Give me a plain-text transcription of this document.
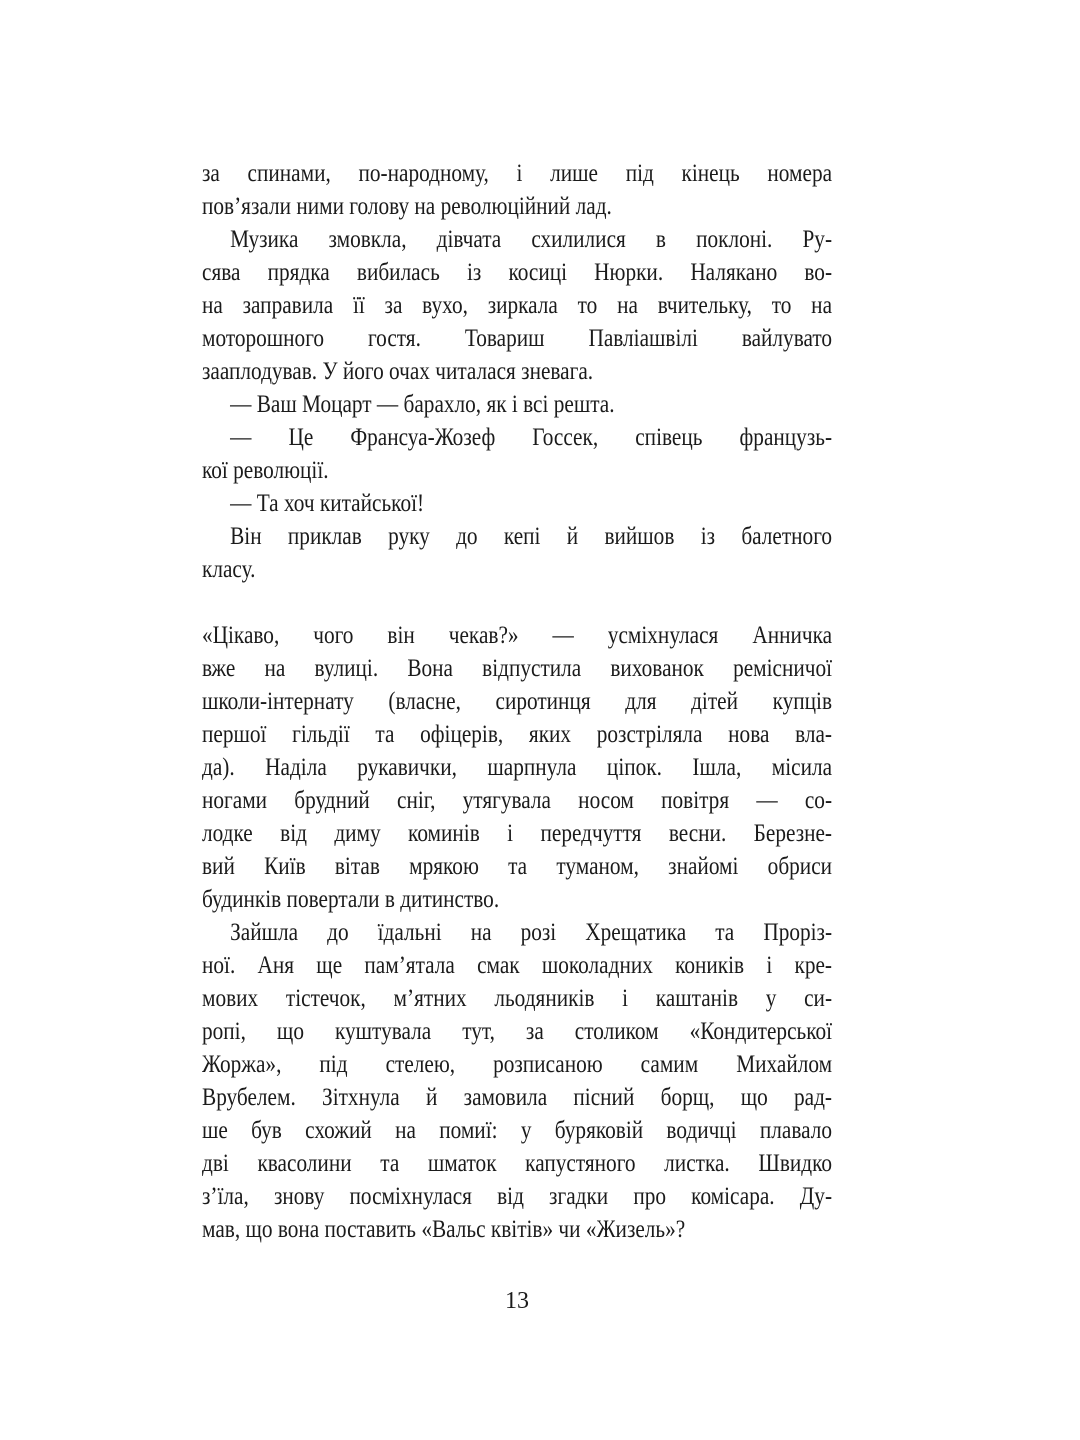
за спинами, по-народному, і лише під кінець номера
пов’язали ними голову на революційний лад.
Музика змовкла, дівчата схилилися в поклоні. Ру-
сява прядка вибилась із косиці Нюрки. Налякано во-
на заправила її за вухо, зиркала то на вчительку, то на
моторошного гостя. Товариш Павліашвілі вайлувато
зааплодував. У його очах читалася зневага.
— Ваш Моцарт — барахло, як і всі решта.
— Це Франсуа-Жозеф Госсек, співець французь-
кої революції.
— Та хоч китайської!
Він приклав руку до кепі й вийшов із балетного
класу.
«Цікаво, чого він чекав?» — усміхнулася Анничка
вже на вулиці. Вона відпустила вихованок ремісничої
школи-інтернату (власне, сиротинця для дітей купців
першої гільдії та офіцерів, яких розстріляла нова вла-
да). Наділа рукавички, шарпнула ціпок. Ішла, місила
ногами брудний сніг, утягувала носом повітря — со-
лодке від диму коминів і передчуття весни. Березне-
вий Київ вітав мрякою та туманом, знайомі обриси
будинків повертали в дитинство.
Зайшла до їдальні на розі Хрещатика та Проріз-
ної. Аня ще пам’ятала смак шоколадних коників і кре-
мових тістечок, м’ятних льодяників і каштанів у си-
ропі, що куштувала тут, за столиком «Кондитерської
Жоржа», під стелею, розписаною самим Михайлом
Врубелем. Зітхнула й замовила пісний борщ, що рад-
ше був схожий на помиї: у буряковій водичці плавало
дві квасолини та шматок капустяного листка. Швидко
з’їла, знову посміхнулася від згадки про комісара. Ду-
мав, що вона поставить «Вальс квітів» чи «Жизель»?
13
